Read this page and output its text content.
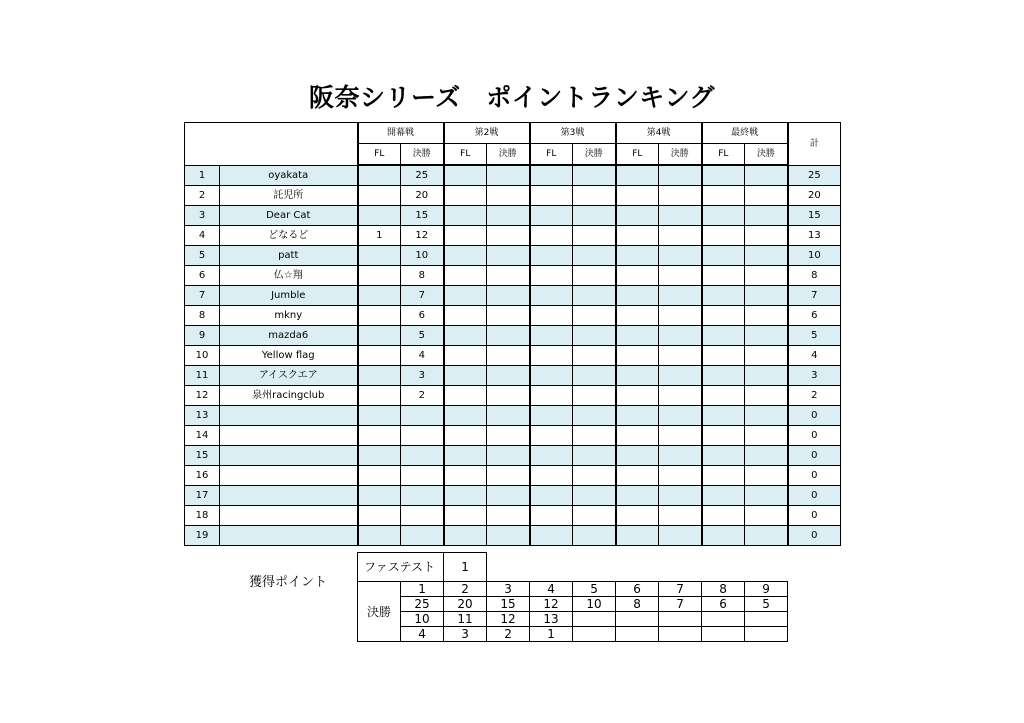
阪奈シリーズ　ポイントランキング
		開幕戦		第2戦		第3戦		第4戦		最終戦		計
		FL	決勝	FL	決勝	FL	決勝	FL	決勝	FL	決勝	
1	oyakata		25									25
2	託児所		20									20
3	Dear Cat		15									15
4	どなるど	1	12									13
5	patt		10									10
6	仏☆翔		8									8
7	Jumble		7									7
8	mkny		6									6
9	mazda6		5									5
10	Yellow flag		4									4
11	アイスクエア		3									3
12	泉州racingclub		2									2
13												0
14												0
15												0
16												0
17												0
18												0
19												0
獲得ポイント
ファステスト		1							
決勝	1	2	3	4	5	6	7	8	9
	25	20	15	12	10	8	7	6	5
	10	11	12	13					
	4	3	2	1					
